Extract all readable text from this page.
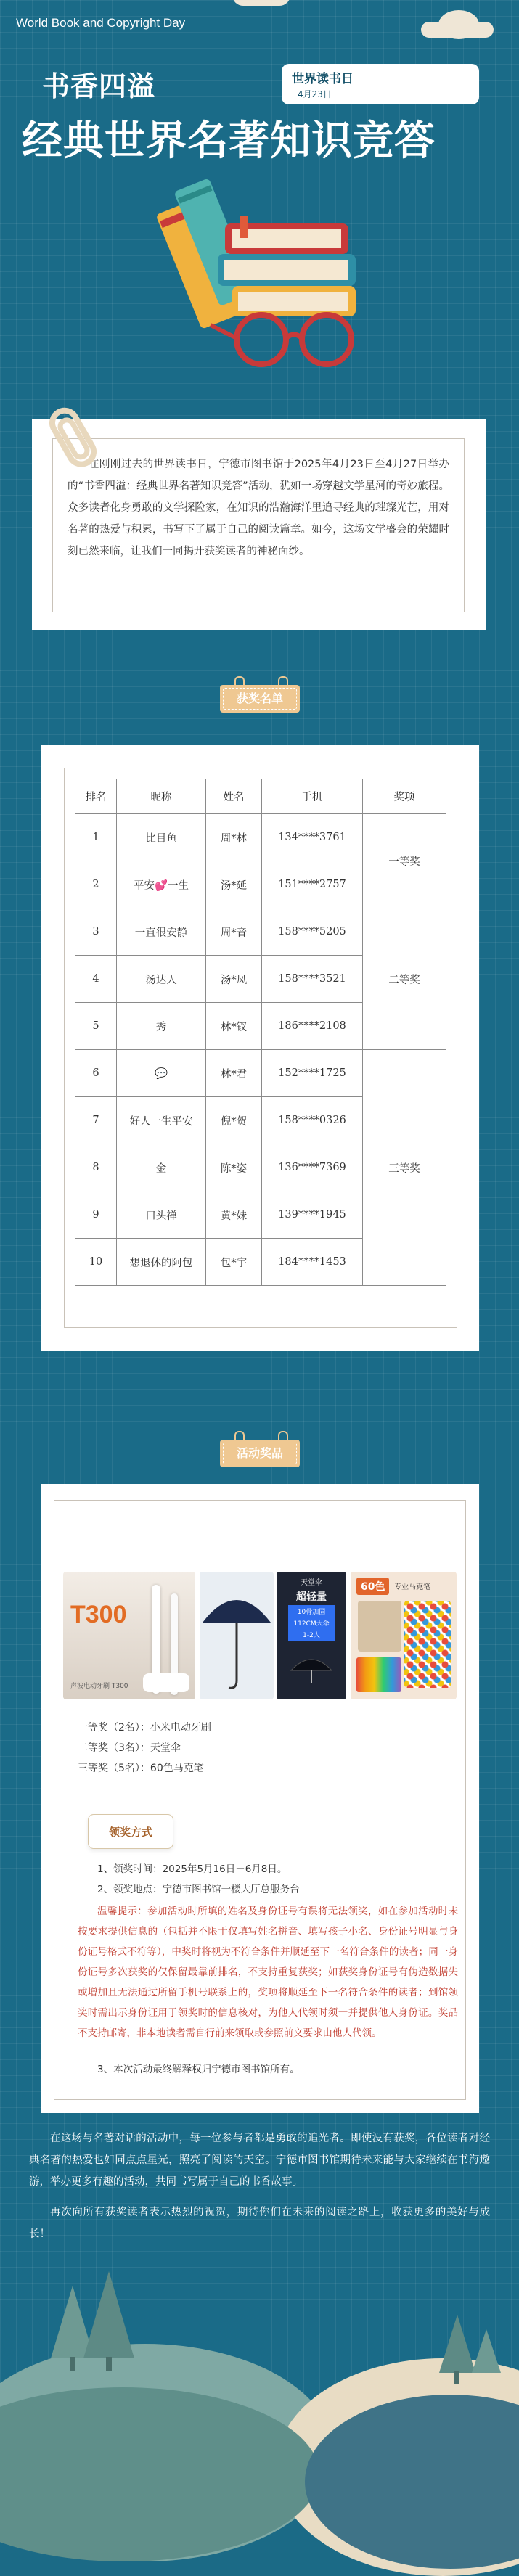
World Book and Copyright Day
书香四溢	世界读书日
4月23日
经典世界名著知识竞答
在刚刚过去的世界读书日，宁德市图书馆于2025年4月23日至4月27日举办的“书香四溢：经典世界名著知识竞答”活动，犹如一场穿越文学星河的奇妙旅程。众多读者化身勇敢的文学探险家，在知识的浩瀚海洋里追寻经典的璀璨光芒，用对名著的热爱与积累，书写下了属于自己的阅读篇章。如今，这场文学盛会的荣耀时刻已然来临，让我们一同揭开获奖读者的神秘面纱。
获奖名单
排名	昵称	姓名	手机	奖项
1	比目鱼	周*林	134****3761	一等奖
2	平安💕一生	汤*延	151****2757	
3	一直很安静	周*音	158****5205	二等奖
4	汤达人	汤*凤	158****3521	
5	秀	林*钗	186****2108	
6	💬	林*君	152****1725	三等奖
7	好人一生平安	倪*贺	158****0326	
8	金	陈*姿	136****7369	
9	口头禅	黄*妹	139****1945	
10	想退休的阿包	包*宇	184****1453	
活动奖品
T300
声波电动牙刷 T300
天堂伞
超轻量
10骨加固
112CM大伞
1-2人
60色	专业马克笔
一等奖（2名）：小米电动牙刷
二等奖（3名）：天堂伞
三等奖（5名）：60色马克笔
领奖方式
1、领奖时间：2025年5月16日－6月8日。
2、领奖地点：宁德市图书馆一楼大厅总服务台
温馨提示：参加活动时所填的姓名及身份证号有误将无法领奖，如在参加活动时未按要求提供信息的（包括并不限于仅填写姓名拼音、填写孩子小名、身份证号明显与身份证号格式不符等），中奖时将视为不符合条件并顺延至下一名符合条件的读者；同一身份证号多次获奖的仅保留最靠前排名，不支持重复获奖；如获奖身份证号有伪造数据失或增加且无法通过所留手机号联系上的，奖项将顺延至下一名符合条件的读者；到馆领奖时需出示身份证用于领奖时的信息核对，为他人代领时须一并提供他人身份证。奖品不支持邮寄，非本地读者需自行前来领取或参照前文要求由他人代领。
3、本次活动最终解释权归宁德市图书馆所有。
在这场与名著对话的活动中，每一位参与者都是勇敢的追光者。即使没有获奖，各位读者对经典名著的热爱也如同点点星光，照亮了阅读的天空。宁德市图书馆期待未来能与大家继续在书海遨游，举办更多有趣的活动，共同书写属于自己的书香故事。
再次向所有获奖读者表示热烈的祝贺，期待你们在未来的阅读之路上，收获更多的美好与成长！
